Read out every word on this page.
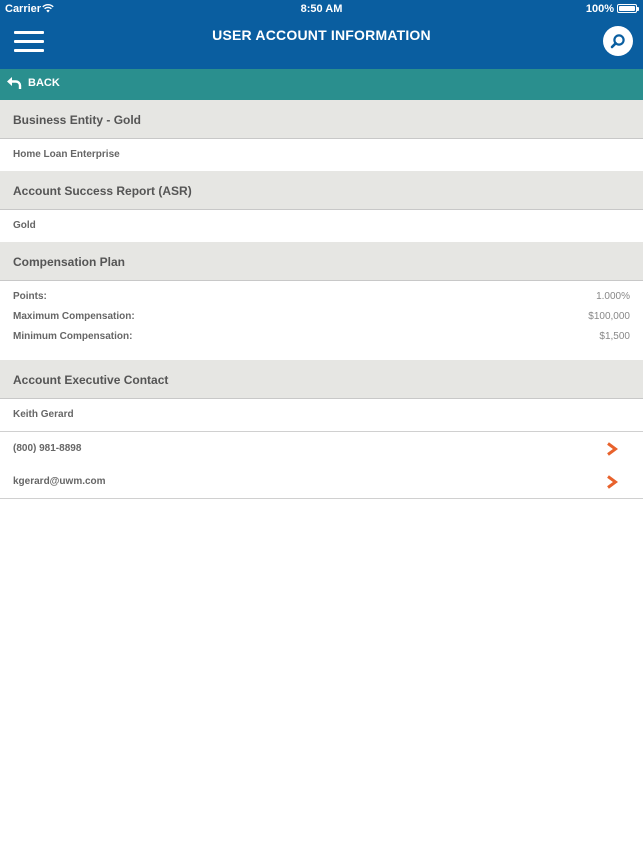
Carrier	8:50 AM	100%
USER ACCOUNT INFORMATION
BACK
Business Entity - Gold
Home Loan Enterprise
Account Success Report (ASR)
Gold
Compensation Plan
Points:	1.000%
Maximum Compensation:	$100,000
Minimum Compensation:	$1,500
Account Executive Contact
Keith Gerard
(800) 981-8898
kgerard@uwm.com
